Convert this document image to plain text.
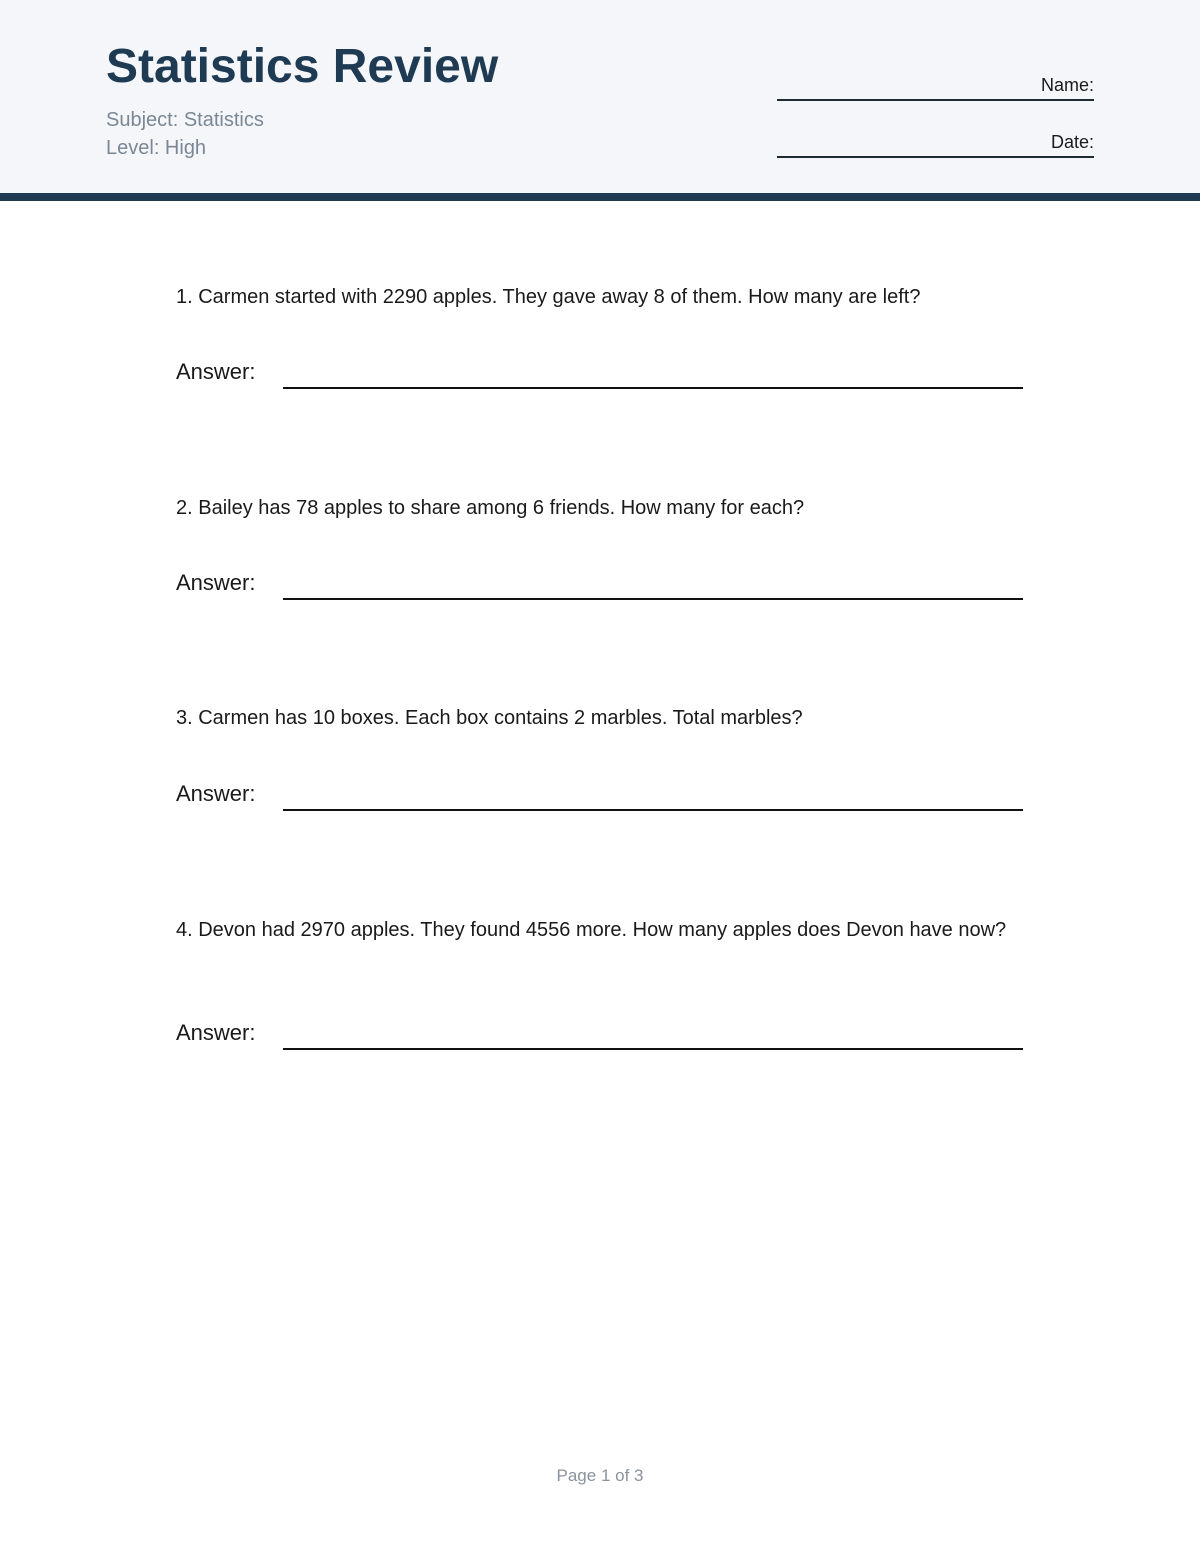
Statistics Review
Subject: Statistics
Level: High
Name:
Date:
1. Carmen started with 2290 apples. They gave away 8 of them. How many are left?
Answer:
2. Bailey has 78 apples to share among 6 friends. How many for each?
Answer:
3. Carmen has 10 boxes. Each box contains 2 marbles. Total marbles?
Answer:
4. Devon had 2970 apples. They found 4556 more. How many apples does Devon have now?
Answer:
Page 1 of 3
